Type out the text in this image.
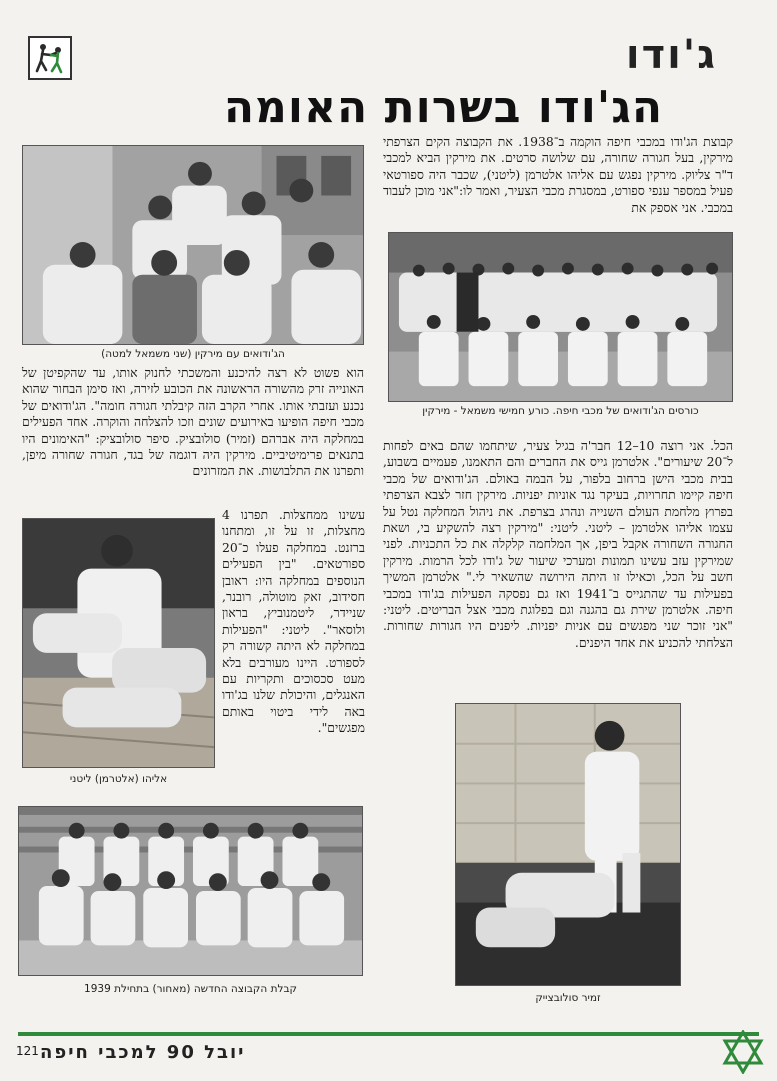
ג'ודו
הג'ודו בשרות האומה

קבוצת הג'ודו במכבי חיפה הוקמה ב־1938. את הקבוצה הקים הצרפתי מירקין, בעל חגורה שחורה, עם שלושה סרטים. את מירקין הביא למכבי ד"ר צליוק. מירקין נפגש עם אליהו אלטרמן (ליטני), שכבר היה ספורטאי פעיל במספר ענפי ספורט, במסגרת מכבי הצעיר, ואמר לו:"אני מוכן לעבוד במכבי. אני אספק את

כורסים הג'ודואים של מכבי חיפה. כורע חמישי משמאל - מירקין

הכל. אני רוצה 10–12 חבר'ה בגיל צעיר, שיתחמו שהם באים לפחות ל־20 שיעורים". אלטרמן גייס את החברים והם התאמנו, פעמיים בשבוע, בבית מכבי הישן ברחוב בלפור, על הבמה באולם. הג'ודואים של מכבי חיפה קיימו תחרויות, בעיקר נגד אוניות יפניות. מירקין חזר לצבא הצרפתי בפרוץ מלחמת העולם השנייה ונהרג בצרפת. את ניהול המחלקה נטל על עצמו אליהו אלטרמן – ליטני. ליטני: "מירקין רצה להשקיע בי, ושאת החגורה השחורה אקבל ביפן, אך המלחמה קלקלה את כל התכניות. לפני שמירקין עזב עשינו תמונות ומערכי שיעור של ג'ודו לכל הרמות. מירקין חשב על הכל, וכאילו זו היתה הירושה שהשאיר לי." אלטרמן המשיך בפעילות עד שהתגייס ב־1941 ואז גם נפסקה הפעילות בג'ודו במכבי חיפה. אלטרמן שירת גם בהגנה וגם בפלוגת מכבי אצל הבריטים. ליטני: "אני זוכר שני מפגשים עם אניות יפניות. ליפנים היו חגורות שחורות. הצלחתי להכניע את אחד היפנים.

הג'ודואים עם מירקין (שני משמאל למטה)

הוא פשוט לא רצה להיכנע והמשכתי לחנוק אותו, עד שהקפיטן של האונייה זרק מהשורה הראשונה את הכובע לזירה, ואז סימן הבחור שהוא נכנע ועזבתי אותו. אחרי הקרב הזה קיבלתי חגורה חומה". הג'ודואים של מכבי חיפה הופיעו באירועים שונים וזכו להצלחה והוקרה. אחד הפעילים במחלקה היה אברהם (זמיר) סולובציק. סיפר סולובציק: "האימונים היו בתנאים פרימיטיביים. מירקין היה דוגמה של בגד, חגורה שחורה מיפן, ותפרנו את התלבושות. את המזרונים

אליהו (אלטרמן) ליטני

עשינו ממחצלות. תפרנו 4 מחצלות, זו על זו, ומתחנו ברזנט. במחלקה פעלו כ־20 ספורטאים. "בין הפעילים הנוספים במחלקה היו: ראובן חסידוב, זאק מוטולה, רובנר, שניידר, ליטמנוביץ, בראון ולוסאר". ליטני: "הפעילות במחלקה לא היתה קשורה רק לספורט. היינו מעורבים בלא מעט סכסוכים ותקריות עם האנגלים, והיכולת שלנו בג'ודו באה לידי ביטוי באותם מפגשים".

קבלת הקבוצה החדשה (מאחור) בתחילת 1939
זמיר סולובצייק
יובל 90 למכבי חיפה
121
